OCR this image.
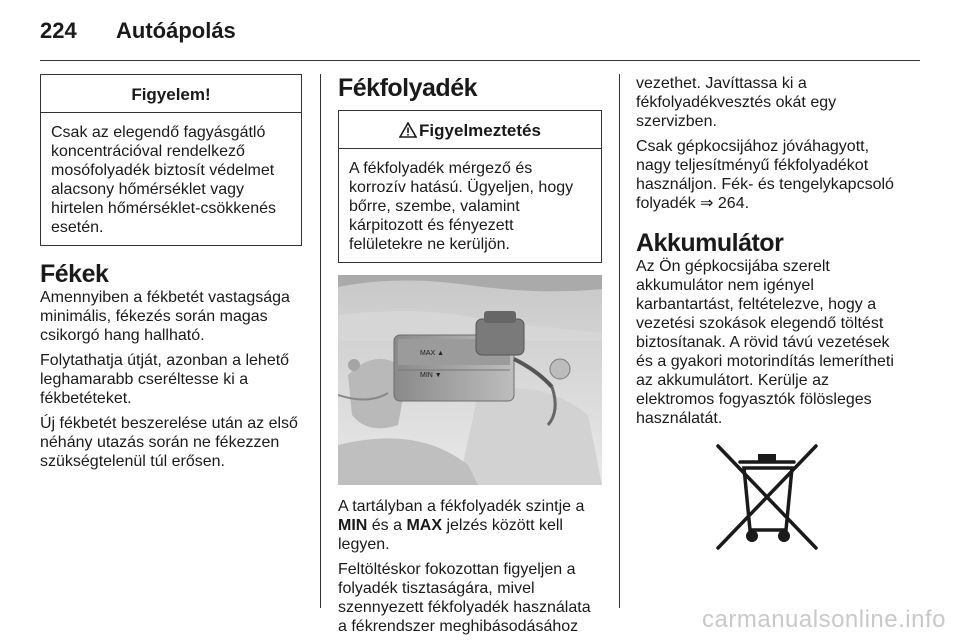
224 Autóápolás
Figyelem!
Csak az elegendő fagyásgátló koncentrációval rendelkező mosófolyadék biztosít védelmet alacsony hőmérséklet vagy hirtelen hőmérséklet-csökkenés esetén.
Fékek

Amennyiben a fékbetét vastagsága minimális, fékezés során magas csikorgó hang hallható.

Folytathatja útját, azonban a lehető leghamarabb cseréltesse ki a fékbetéteket.

Új fékbetét beszerelése után az első néhány utazás során ne fékezzen szükségtelenül túl erősen.

Fékfolyadék
Figyelmeztetés
A fékfolyadék mérgező és korrozív hatású. Ügyeljen, hogy bőrre, szembe, valamint kárpitozott és fényezett felületekre ne kerüljön.
MAX ▲
MIN ▼

A tartályban a fékfolyadék szintje a MIN és a MAX jelzés között kell legyen.

Feltöltéskor fokozottan figyeljen a folyadék tisztaságára, mivel szennyezett fékfolyadék használata a fékrendszer meghibásodásához

vezethet. Javíttassa ki a fékfolyadékvesztés okát egy szervizben.

Csak gépkocsijához jóváhagyott, nagy teljesítményű fékfolyadékot használjon. Fék- és tengelykapcsoló folyadék ⇒ 264.

Akkumulátor

Az Ön gépkocsijába szerelt akkumulátor nem igényel karbantartást, feltételezve, hogy a vezetési szokások elegendő töltést biztosítanak. A rövid távú vezetések és a gyakori motorindítás lemerítheti az akkumulátort. Kerülje az elektromos fogyasztók fölösleges használatát.

carmanualsonline.info
